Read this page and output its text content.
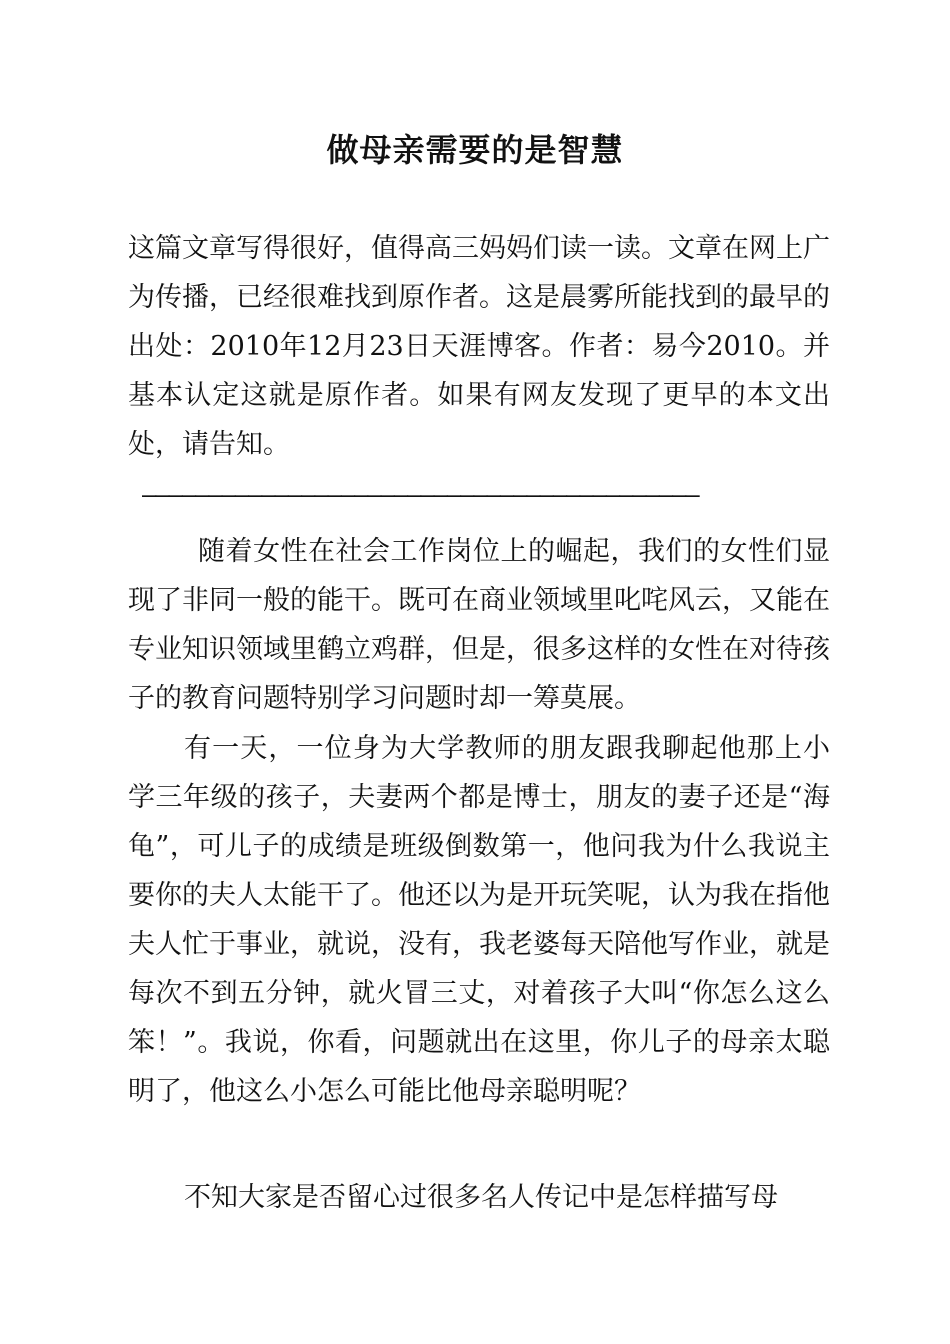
做母亲需要的是智慧

这篇文章写得很好，值得高三妈妈们读一读。文章在网上广为传播，已经很难找到原作者。这是晨雾所能找到的最早的出处：2010年12月23日天涯博客。作者：易今2010。并基本认定这就是原作者。如果有网友发现了更早的本文出处，请告知。

——————————————————————————————————————————

随着女性在社会工作岗位上的崛起，我们的女性们显现了非同一般的能干。既可在商业领域里叱咤风云，又能在专业知识领域里鹤立鸡群，但是，很多这样的女性在对待孩子的教育问题特别学习问题时却一筹莫展。

有一天，一位身为大学教师的朋友跟我聊起他那上小学三年级的孩子，夫妻两个都是博士，朋友的妻子还是“海龟”，可儿子的成绩是班级倒数第一，他问我为什么我说主要你的夫人太能干了。他还以为是开玩笑呢，认为我在指他夫人忙于事业，就说，没有，我老婆每天陪他写作业，就是每次不到五分钟，就火冒三丈，对着孩子大叫“你怎么这么笨！”。我说，你看，问题就出在这里，你儿子的母亲太聪明了，他这么小怎么可能比他母亲聪明呢？

不知大家是否留心过很多名人传记中是怎样描写母
